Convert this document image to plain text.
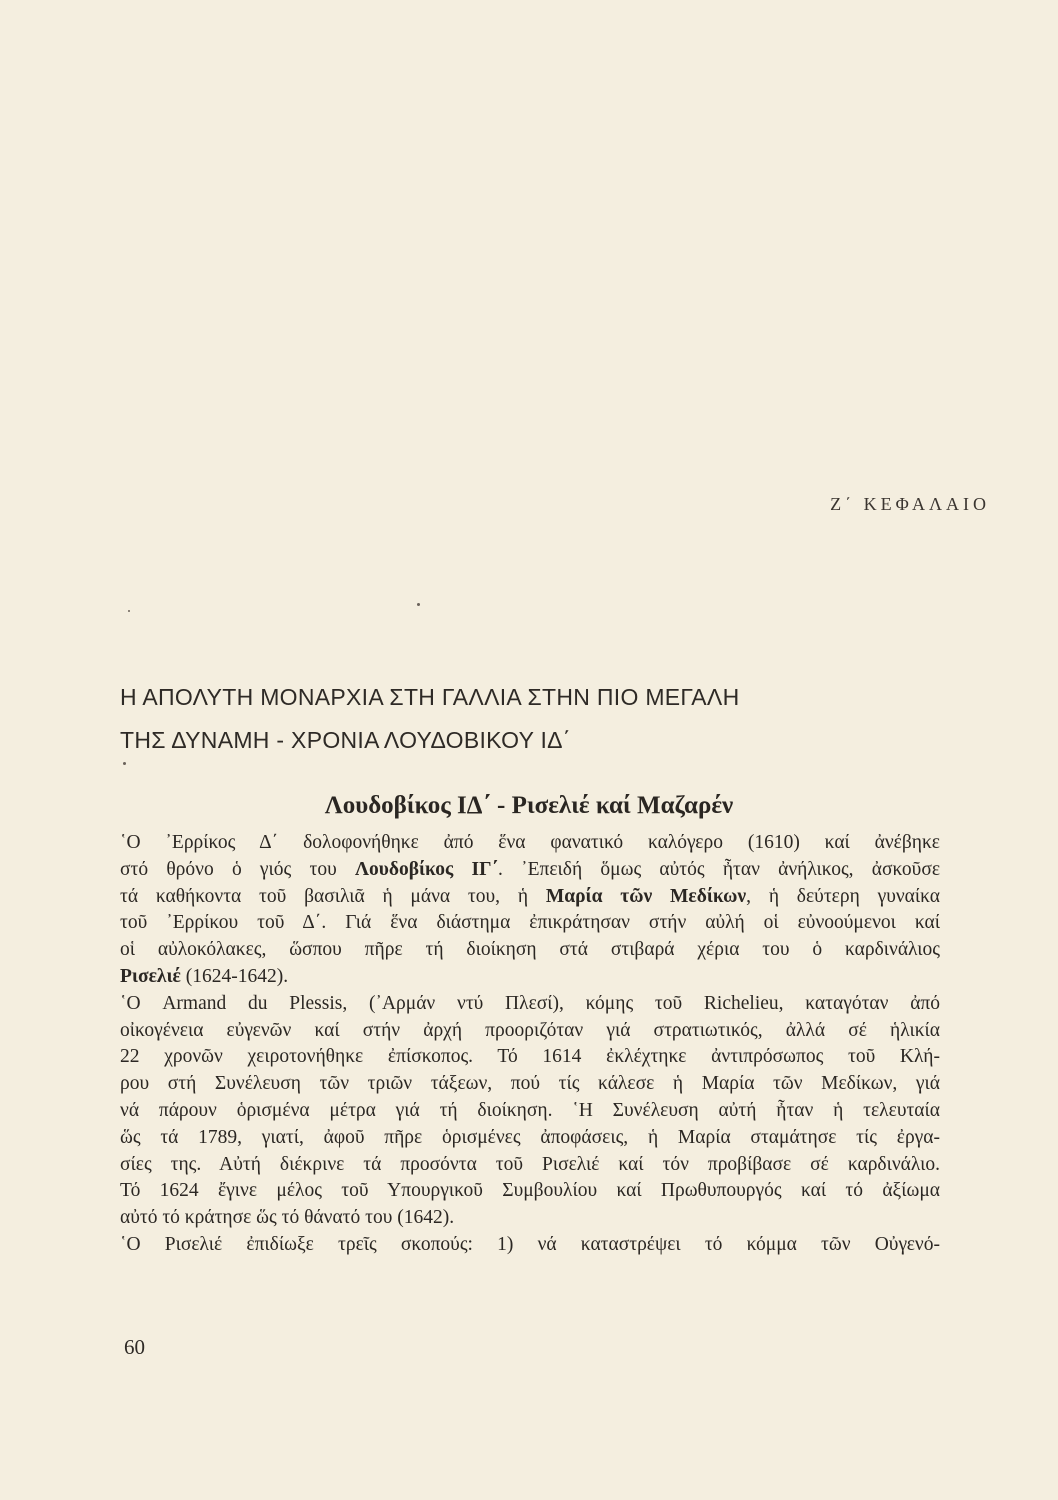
Ζ΄ ΚΕΦΑΛΑΙΟ
Η ΑΠΟΛΥΤΗ ΜΟΝΑΡΧΙΑ ΣΤΗ ΓΑΛΛΙΑ ΣΤΗΝ ΠΙΟ ΜΕΓΑΛΗ
ΤΗΣ ΔΥΝΑΜΗ - ΧΡΟΝΙΑ ΛΟΥΔΟΒΙΚΟΥ ΙΔ΄
Λουδοβίκος ΙΔ΄ - Ρισελιέ καί Μαζαρέν
῾Ο ᾿Ερρίκος Δ΄ δολοφονήθηκε ἀπό ἕνα φανατικό καλόγερο (1610) καί ἀνέβηκε
στό θρόνο ὁ γιός του Λουδοβίκος ΙΓ΄. ᾿Επειδή ὅμως αὐτός ἦταν ἀνήλικος, ἀσκοῦσε
τά καθήκοντα τοῦ βασιλιᾶ ἡ μάνα του, ἡ Μαρία τῶν Μεδίκων, ἡ δεύτερη γυναίκα
τοῦ ᾿Ερρίκου τοῦ Δ΄. Γιά ἕνα διάστημα ἐπικράτησαν στήν αὐλή οἱ εὐνοούμενοι καί
οἱ αὐλοκόλακες, ὥσπου πῆρε τή διοίκηση στά στιβαρά χέρια του ὁ καρδινάλιος
Ρισελιέ (1624-1642).
῾Ο Armand du Plessis, (᾿Αρμάν ντύ Πλεσί), κόμης τοῦ Richelieu, καταγόταν ἀπό
οἰκογένεια εὐγενῶν καί στήν ἀρχή προοριζόταν γιά στρατιωτικός, ἀλλά σέ ἡλικία
22 χρονῶν χειροτονήθηκε ἐπίσκοπος. Τό 1614 ἐκλέχτηκε ἀντιπρόσωπος τοῦ Κλή-
ρου στή Συνέλευση τῶν τριῶν τάξεων, πού τίς κάλεσε ἡ Μαρία τῶν Μεδίκων, γιά
νά πάρουν ὁρισμένα μέτρα γιά τή διοίκηση. ῾Η Συνέλευση αὐτή ἦταν ἡ τελευταία
ὥς τά 1789, γιατί, ἀφοῦ πῆρε ὁρισμένες ἀποφάσεις, ἡ Μαρία σταμάτησε τίς ἐργα-
σίες της. Αὐτή διέκρινε τά προσόντα τοῦ Ρισελιέ καί τόν προβίβασε σέ καρδινάλιο.
Τό 1624 ἔγινε μέλος τοῦ Υπουργικοῦ Συμβουλίου καί Πρωθυπουργός καί τό ἀξίωμα
αὐτό τό κράτησε ὥς τό θάνατό του (1642).
῾Ο Ρισελιέ ἐπιδίωξε τρεῖς σκοπούς: 1) νά καταστρέψει τό κόμμα τῶν Οὐγενό-
60
